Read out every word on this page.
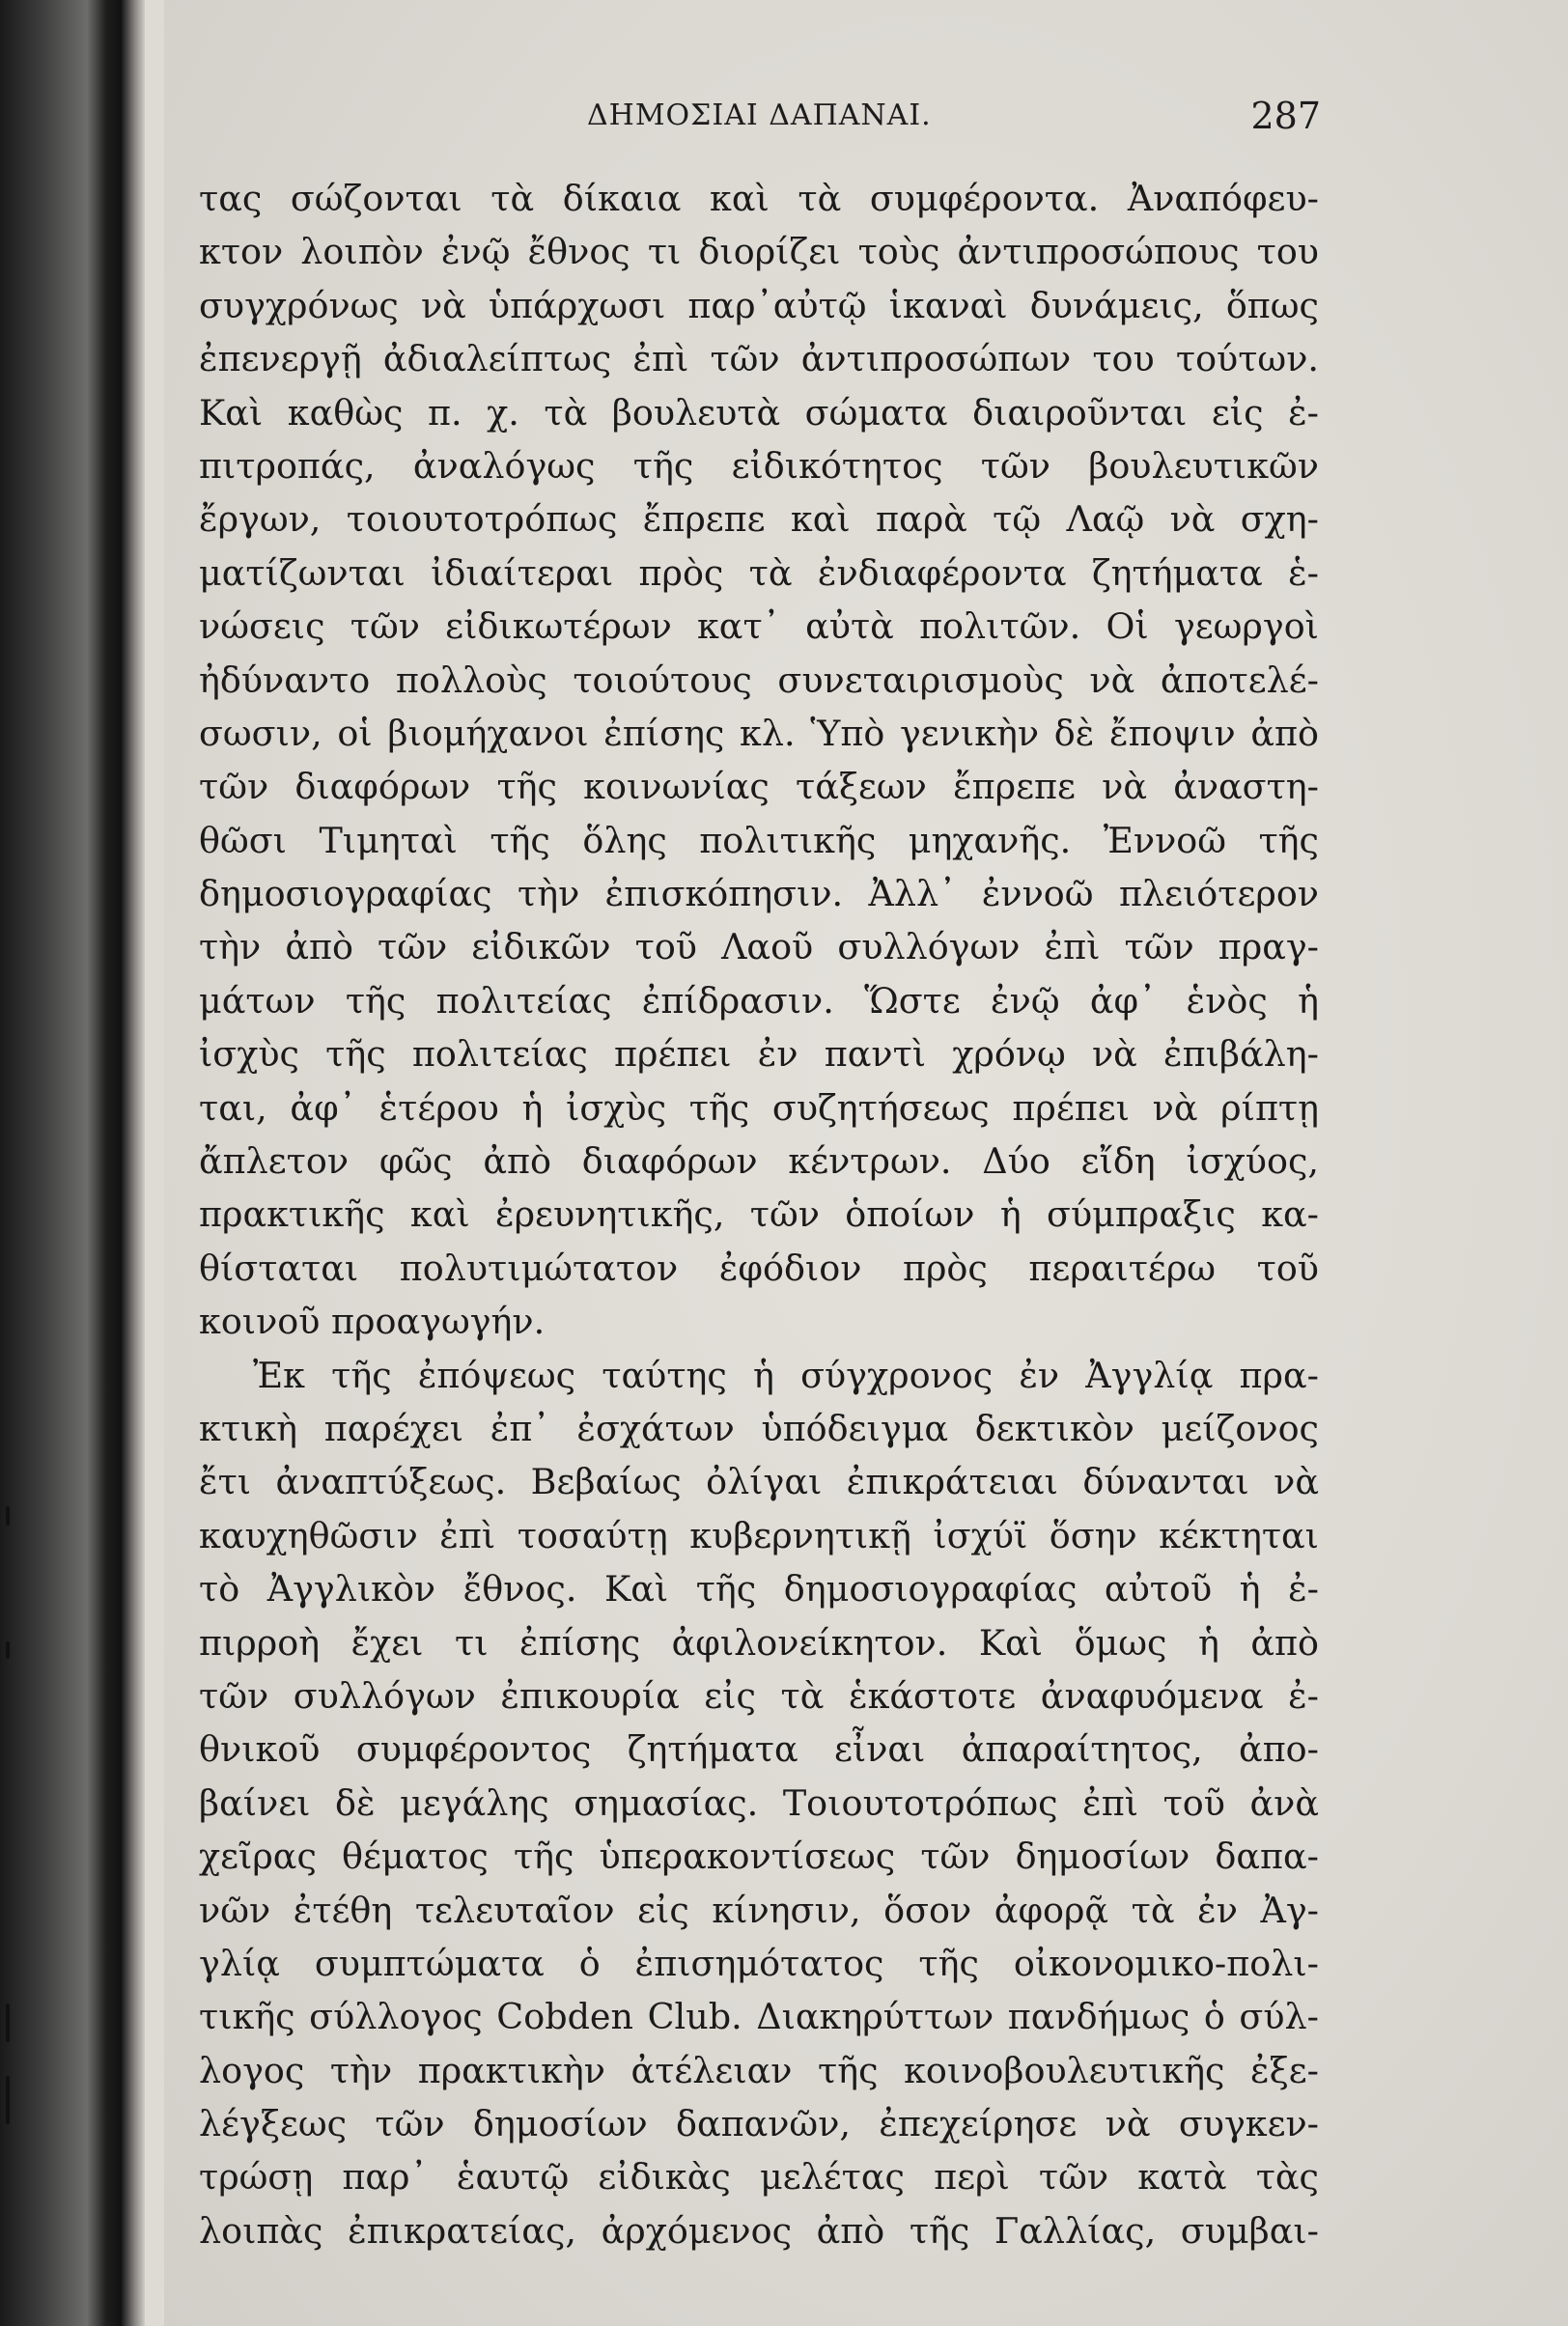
ΔΗΜΟΣΙΑΙ ΔΑΠΑΝΑΙ.	287
τας σώζονται τὰ δίκαια καὶ τὰ συμφέροντα. Ἀναπόφευ-
κτον λοιπὸν ἐνῷ ἔθνος τι διορίζει τοὺς ἀντιπροσώπους του
συγχρόνως νὰ ὑπάρχωσι παρ᾽αὐτῷ ἱκαναὶ δυνάμεις, ὅπως
ἐπενεργῇ ἀδιαλείπτως ἐπὶ τῶν ἀντιπροσώπων του τούτων.
Καὶ καθὼς π. χ. τὰ βουλευτὰ σώματα διαιροῦνται εἰς ἐ-
πιτροπάς, ἀναλόγως τῆς εἰδικότητος τῶν βουλευτικῶν
ἔργων, τοιουτοτρόπως ἔπρεπε καὶ παρὰ τῷ Λαῷ νὰ σχη-
ματίζωνται ἰδιαίτεραι πρὸς τὰ ἐνδιαφέροντα ζητήματα ἑ-
νώσεις τῶν εἰδικωτέρων κατ᾽ αὐτὰ πολιτῶν. Οἱ γεωργοὶ
ἠδύναντο πολλοὺς τοιούτους συνεταιρισμοὺς νὰ ἀποτελέ-
σωσιν, οἱ βιομήχανοι ἐπίσης κλ. Ὑπὸ γενικὴν δὲ ἔποψιν ἀπὸ
τῶν διαφόρων τῆς κοινωνίας τάξεων ἔπρεπε νὰ ἀναστη-
θῶσι Τιμηταὶ τῆς ὅλης πολιτικῆς μηχανῆς. Ἐννοῶ τῆς
δημοσιογραφίας τὴν ἐπισκόπησιν. Ἀλλ᾽ ἐννοῶ πλειότερον
τὴν ἀπὸ τῶν εἰδικῶν τοῦ Λαοῦ συλλόγων ἐπὶ τῶν πραγ-
μάτων τῆς πολιτείας ἐπίδρασιν. Ὥστε ἐνῷ ἀφ᾽ ἑνὸς ἡ
ἰσχὺς τῆς πολιτείας πρέπει ἐν παντὶ χρόνῳ νὰ ἐπιβάλη-
ται, ἀφ᾽ ἑτέρου ἡ ἰσχὺς τῆς συζητήσεως πρέπει νὰ ρίπτῃ
ἄπλετον φῶς ἀπὸ διαφόρων κέντρων. Δύο εἴδη ἰσχύος,
πρακτικῆς καὶ ἐρευνητικῆς, τῶν ὁποίων ἡ σύμπραξις κα-
θίσταται πολυτιμώτατον ἐφόδιον πρὸς περαιτέρω τοῦ
κοινοῦ προαγωγήν.
Ἐκ τῆς ἐπόψεως ταύτης ἡ σύγχρονος ἐν Ἀγγλίᾳ πρα-
κτικὴ παρέχει ἐπ᾽ ἐσχάτων ὑπόδειγμα δεκτικὸν μείζονος
ἔτι ἀναπτύξεως. Βεβαίως ὀλίγαι ἐπικράτειαι δύνανται νὰ
καυχηθῶσιν ἐπὶ τοσαύτῃ κυβερνητικῇ ἰσχύϊ ὅσην κέκτηται
τὸ Ἀγγλικὸν ἔθνος. Καὶ τῆς δημοσιογραφίας αὐτοῦ ἡ ἐ-
πιρροὴ ἔχει τι ἐπίσης ἀφιλονείκητον. Καὶ ὅμως ἡ ἀπὸ
τῶν συλλόγων ἐπικουρία εἰς τὰ ἑκάστοτε ἀναφυόμενα ἐ-
θνικοῦ συμφέροντος ζητήματα εἶναι ἀπαραίτητος, ἀπο-
βαίνει δὲ μεγάλης σημασίας. Τοιουτοτρόπως ἐπὶ τοῦ ἀνὰ
χεῖρας θέματος τῆς ὑπερακοντίσεως τῶν δημοσίων δαπα-
νῶν ἐτέθη τελευταῖον εἰς κίνησιν, ὅσον ἀφορᾷ τὰ ἐν Ἀγ-
γλίᾳ συμπτώματα ὁ ἐπισημότατος τῆς οἰκονομικο-πολι-
τικῆς σύλλογος Cobden Club. Διακηρύττων πανδήμως ὁ σύλ-
λογος τὴν πρακτικὴν ἀτέλειαν τῆς κοινοβουλευτικῆς ἐξε-
λέγξεως τῶν δημοσίων δαπανῶν, ἐπεχείρησε νὰ συγκεν-
τρώσῃ παρ᾽ ἑαυτῷ εἰδικὰς μελέτας περὶ τῶν κατὰ τὰς
λοιπὰς ἐπικρατείας, ἀρχόμενος ἀπὸ τῆς Γαλλίας, συμβαι-
